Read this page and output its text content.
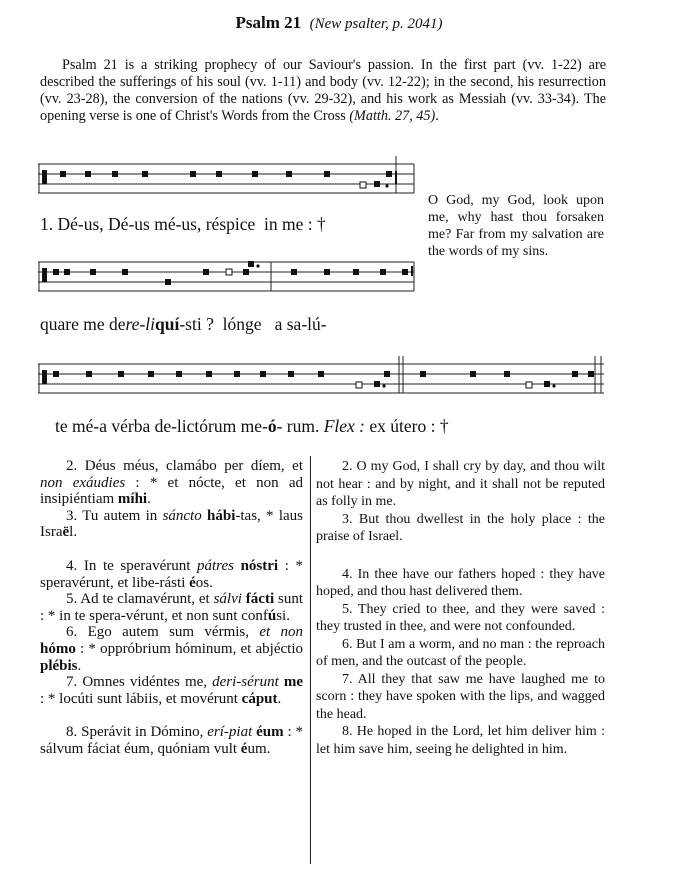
Psalm 21 (New psalter, p. 2041)

Psalm 21 is a striking prophecy of our Saviour's passion. In the first part (vv. 1-22) are described the sufferings of his soul (vv. 1-11) and body (vv. 12-22); in the second, his resurrection (vv. 23-28), the conversion of the nations (vv. 29-32), and his work as Messiah (vv. 33-34). The opening verse is one of Christ's Words from the Cross (Matth. 27, 45).

1. Dé-us, Dé-us mé-us, réspice in me : †
O God, my God, look upon me, why hast thou forsaken me? Far from my salvation are the words of my sins.
quare me dere-liquí-sti ? lónge a sa-lú-
te mé-a vérba de-lictórum me-ó- rum. Flex : ex útero : †

2. Déus méus, clamábo per díem, et non exáudies : * et nócte, et non ad insipiéntiam míhi.

3. Tu autem in sáncto hábi-tas, * laus Israël.

4. In te speravérunt pátres nóstri : * speravérunt, et libe-rásti éos.

5. Ad te clamavérunt, et sálvi fácti sunt : * in te spera-vérunt, et non sunt confúsi.

6. Ego autem sum vérmis, et non hómo : * oppróbrium hóminum, et abjéctio plébis.

7. Omnes vidéntes me, deri-sérunt me : * locúti sunt lábiis, et movérunt cáput.

8. Sperávit in Dómino, erí-piat éum : * sálvum fáciat éum, quóniam vult éum.

2. O my God, I shall cry by day, and thou wilt not hear : and by night, and it shall not be reputed as folly in me.

3. But thou dwellest in the holy place : the praise of Israel.

4. In thee have our fathers hoped : they have hoped, and thou hast delivered them.

5. They cried to thee, and they were saved : they trusted in thee, and were not confounded.

6. But I am a worm, and no man : the reproach of men, and the outcast of the people.

7. All they that saw me have laughed me to scorn : they have spoken with the lips, and wagged the head.

8. He hoped in the Lord, let him deliver him : let him save him, seeing he delighted in him.
